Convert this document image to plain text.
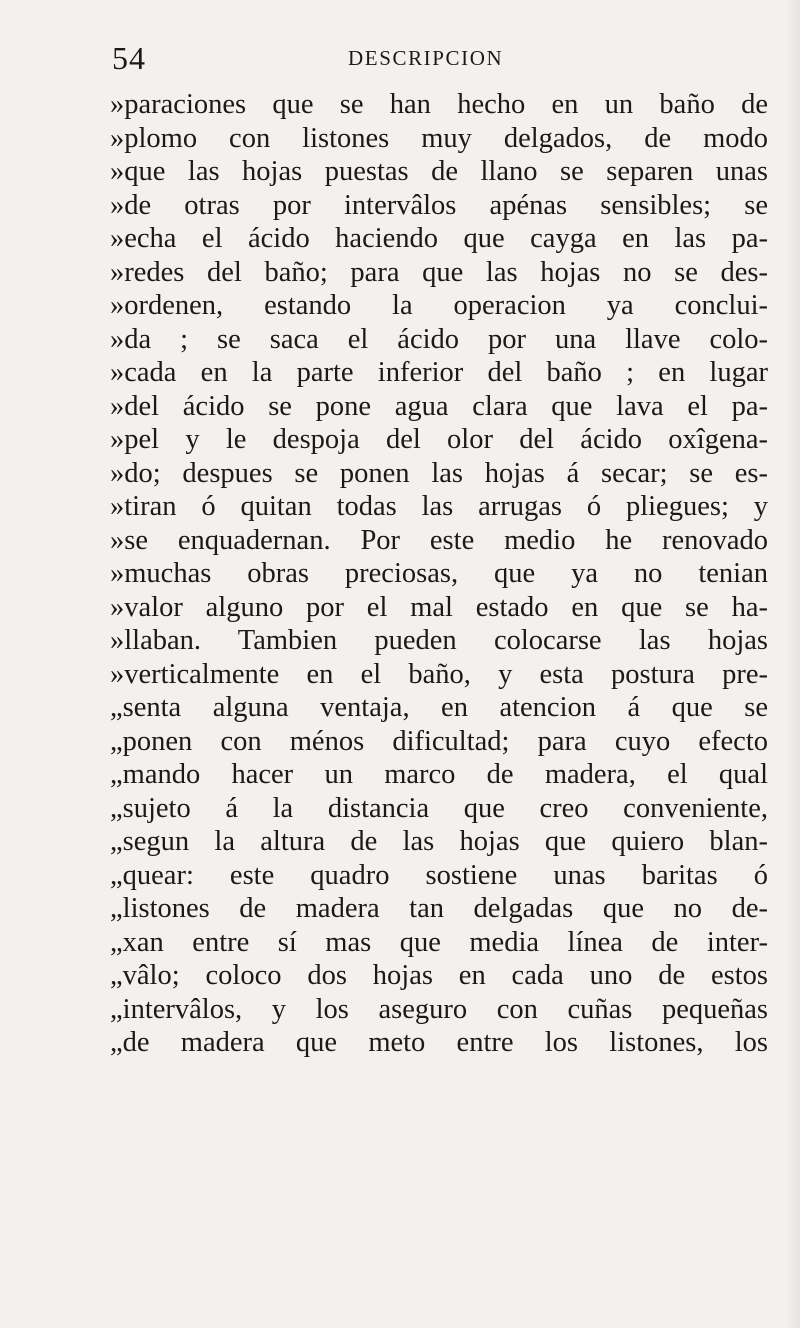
54	DESCRIPCION
»paraciones que se han hecho en un baño de
»plomo con listones muy delgados, de modo
»que las hojas puestas de llano se separen unas
»de otras por intervâlos apénas sensibles; se
»echa el ácido haciendo que cayga en las pa-
»redes del baño; para que las hojas no se des-
»ordenen, estando la operacion ya conclui-
»da ; se saca el ácido por una llave colo-
»cada en la parte inferior del baño ; en lugar
»del ácido se pone agua clara que lava el pa-
»pel y le despoja del olor del ácido oxîgena-
»do; despues se ponen las hojas á secar; se es-
»tiran ó quitan todas las arrugas ó pliegues; y
»se enquadernan. Por este medio he renovado
»muchas obras preciosas, que ya no tenian
»valor alguno por el mal estado en que se ha-
»llaban. Tambien pueden colocarse las hojas
»verticalmente en el baño, y esta postura pre-
„senta alguna ventaja, en atencion á que se
„ponen con ménos dificultad; para cuyo efecto
„mando hacer un marco de madera, el qual
„sujeto á la distancia que creo conveniente,
„segun la altura de las hojas que quiero blan-
„quear: este quadro sostiene unas baritas ó
„listones de madera tan delgadas que no de-
„xan entre sí mas que media línea de inter-
„vâlo; coloco dos hojas en cada uno de estos
„intervâlos, y los aseguro con cuñas pequeñas
„de madera que meto entre los listones, los
